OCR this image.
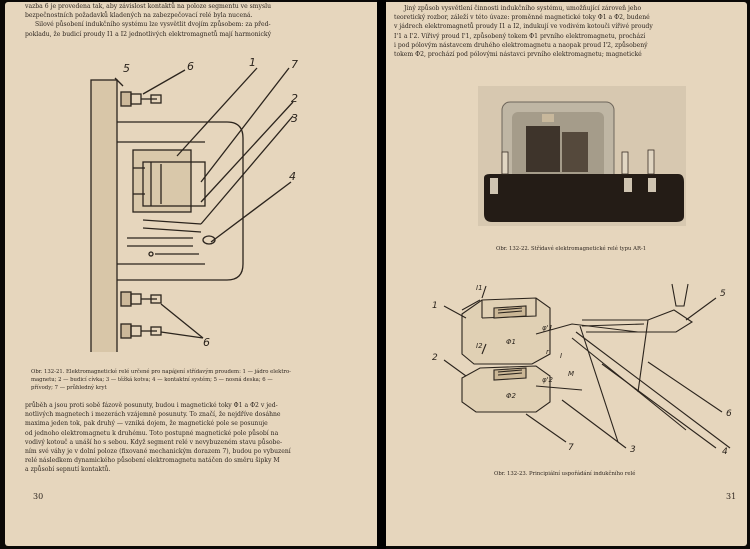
vazba 6 je provedena tak, aby závislost kontaktů na poloze segmentu ve smyslu
bezpečnostních požadavků kladených na zabezpečovací relé byla nucená.
Silové působení indukčního systému lze vysvětlit dvojím způsobem: za před-
pokladu, že budicí proudy I1 a I2 jednotlivých elektromagnetů mají harmonický
5	6	1	7
2
3
4
6
Obr. 132-21. Elektromagnetické relé určené pro napájení střídavým proudem: 1 — jádro elektro-
magnetu; 2 — budicí cívka; 3 — těžká kotva; 4 — kontaktní systém; 5 — nosná deska; 6 —
přívody; 7 — průhledný kryt
průběh a jsou proti sobě fázově posunuty, budou i magnetické toky Φ1 a Φ2 v jed-
notlivých magnetech i mezerách vzájemně posunuty. To značí, že nejdříve dosáhne
maxima jeden tok, pak druhý — vzniká dojem, že magnetické pole se posunuje
od jednoho elektromagnetu k druhému. Toto postupné magnetické pole působí na
vodivý kotouč a unáší ho s sebou. Když segment relé v nevybuzeném stavu působe-
ním své váhy je v dolní poloze (fixované mechanickým dorazem 7), budou po vybuzení
relé následkem dynamického působení elektromagnetu natáčen do směru šipky M
a způsobí sepnutí kontaktů.
30
Jiný způsob vysvětlení činnosti indukčního systému, umožňující zároveň jeho
teoretický rozbor, záleží v této úvaze: proměnné magnetické toky Φ1 a Φ2, budené
v jádrech elektromagnetů proudy I1 a I2, indukují ve vodivém kotouči vířivé proudy
I'1 a I'2. Vířivý proud I'1, způsobený tokem Φ1 prvního elektromagnetu, prochází
i pod pólovým nástavcem druhého elektromagnetu a naopak proud I'2, způsobený
tokem Φ2, prochází pod pólovými nástavci prvního elektromagnetu; magnetické
Obr. 132-22. Střídavé elektromagnetické relé typu AR-1
1
2
5
6
3	4
7
I1
I2	Φ1
Φ2
φ'1
φ'2
r I
M
Obr. 132-23. Principiální uspořádání indukčního relé
31
